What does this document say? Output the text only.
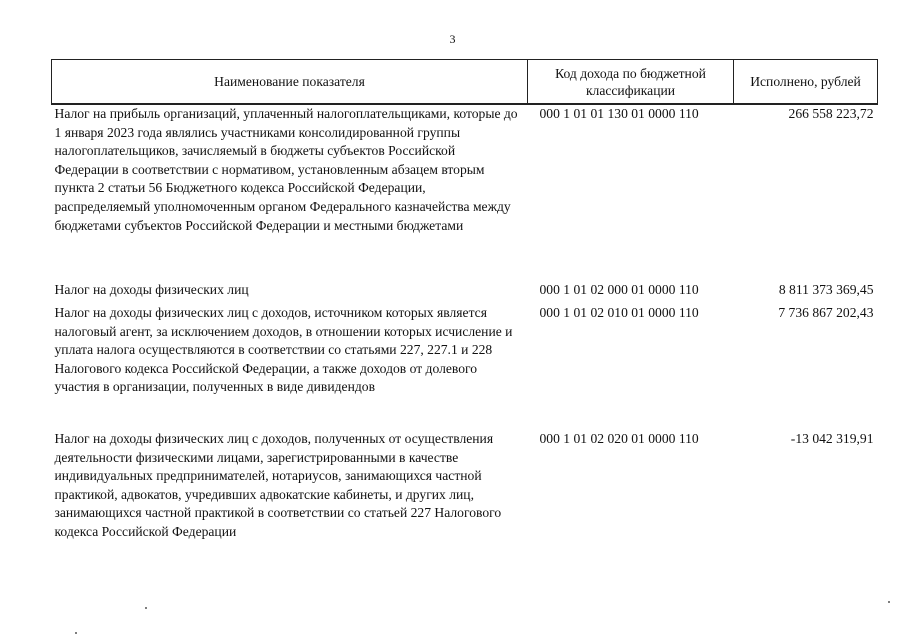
3
Наименование показателя	Код дохода по бюджетной классификации	Исполнено, рублей
Налог на прибыль организаций, уплаченный налогоплательщиками, которые до 1 января 2023 года являлись участниками консолидированной группы налогоплательщиков, зачисляемый в бюджеты субъектов Российской Федерации в соответствии с нормативом, установленным абзацем вторым пункта 2 статьи 56 Бюджетного кодекса Российской Федерации, распределяемый уполномоченным органом Федерального казначейства между бюджетами субъектов Российской Федерации и местными бюджетами	000 1 01 01 130 01 0000 110	266 558 223,72
Налог на доходы физических лиц	000 1 01 02 000 01 0000 110	8 811 373 369,45
Налог на доходы физических лиц с доходов, источником которых является налоговый агент, за исключением доходов, в отношении которых исчисление и уплата налога осуществляются в соответствии со статьями 227, 227.1 и 228 Налогового кодекса Российской Федерации, а также доходов от долевого участия в организации, полученных в виде дивидендов	000 1 01 02 010 01 0000 110	7 736 867 202,43
Налог на доходы физических лиц с доходов, полученных от осуществления деятельности физическими лицами, зарегистрированными в качестве индивидуальных предпринимателей, нотариусов, занимающихся частной практикой, адвокатов, учредивших адвокатские кабинеты, и других лиц, занимающихся частной практикой в соответствии со статьей 227 Налогового кодекса Российской Федерации	000 1 01 02 020 01 0000 110	-13 042 319,91
